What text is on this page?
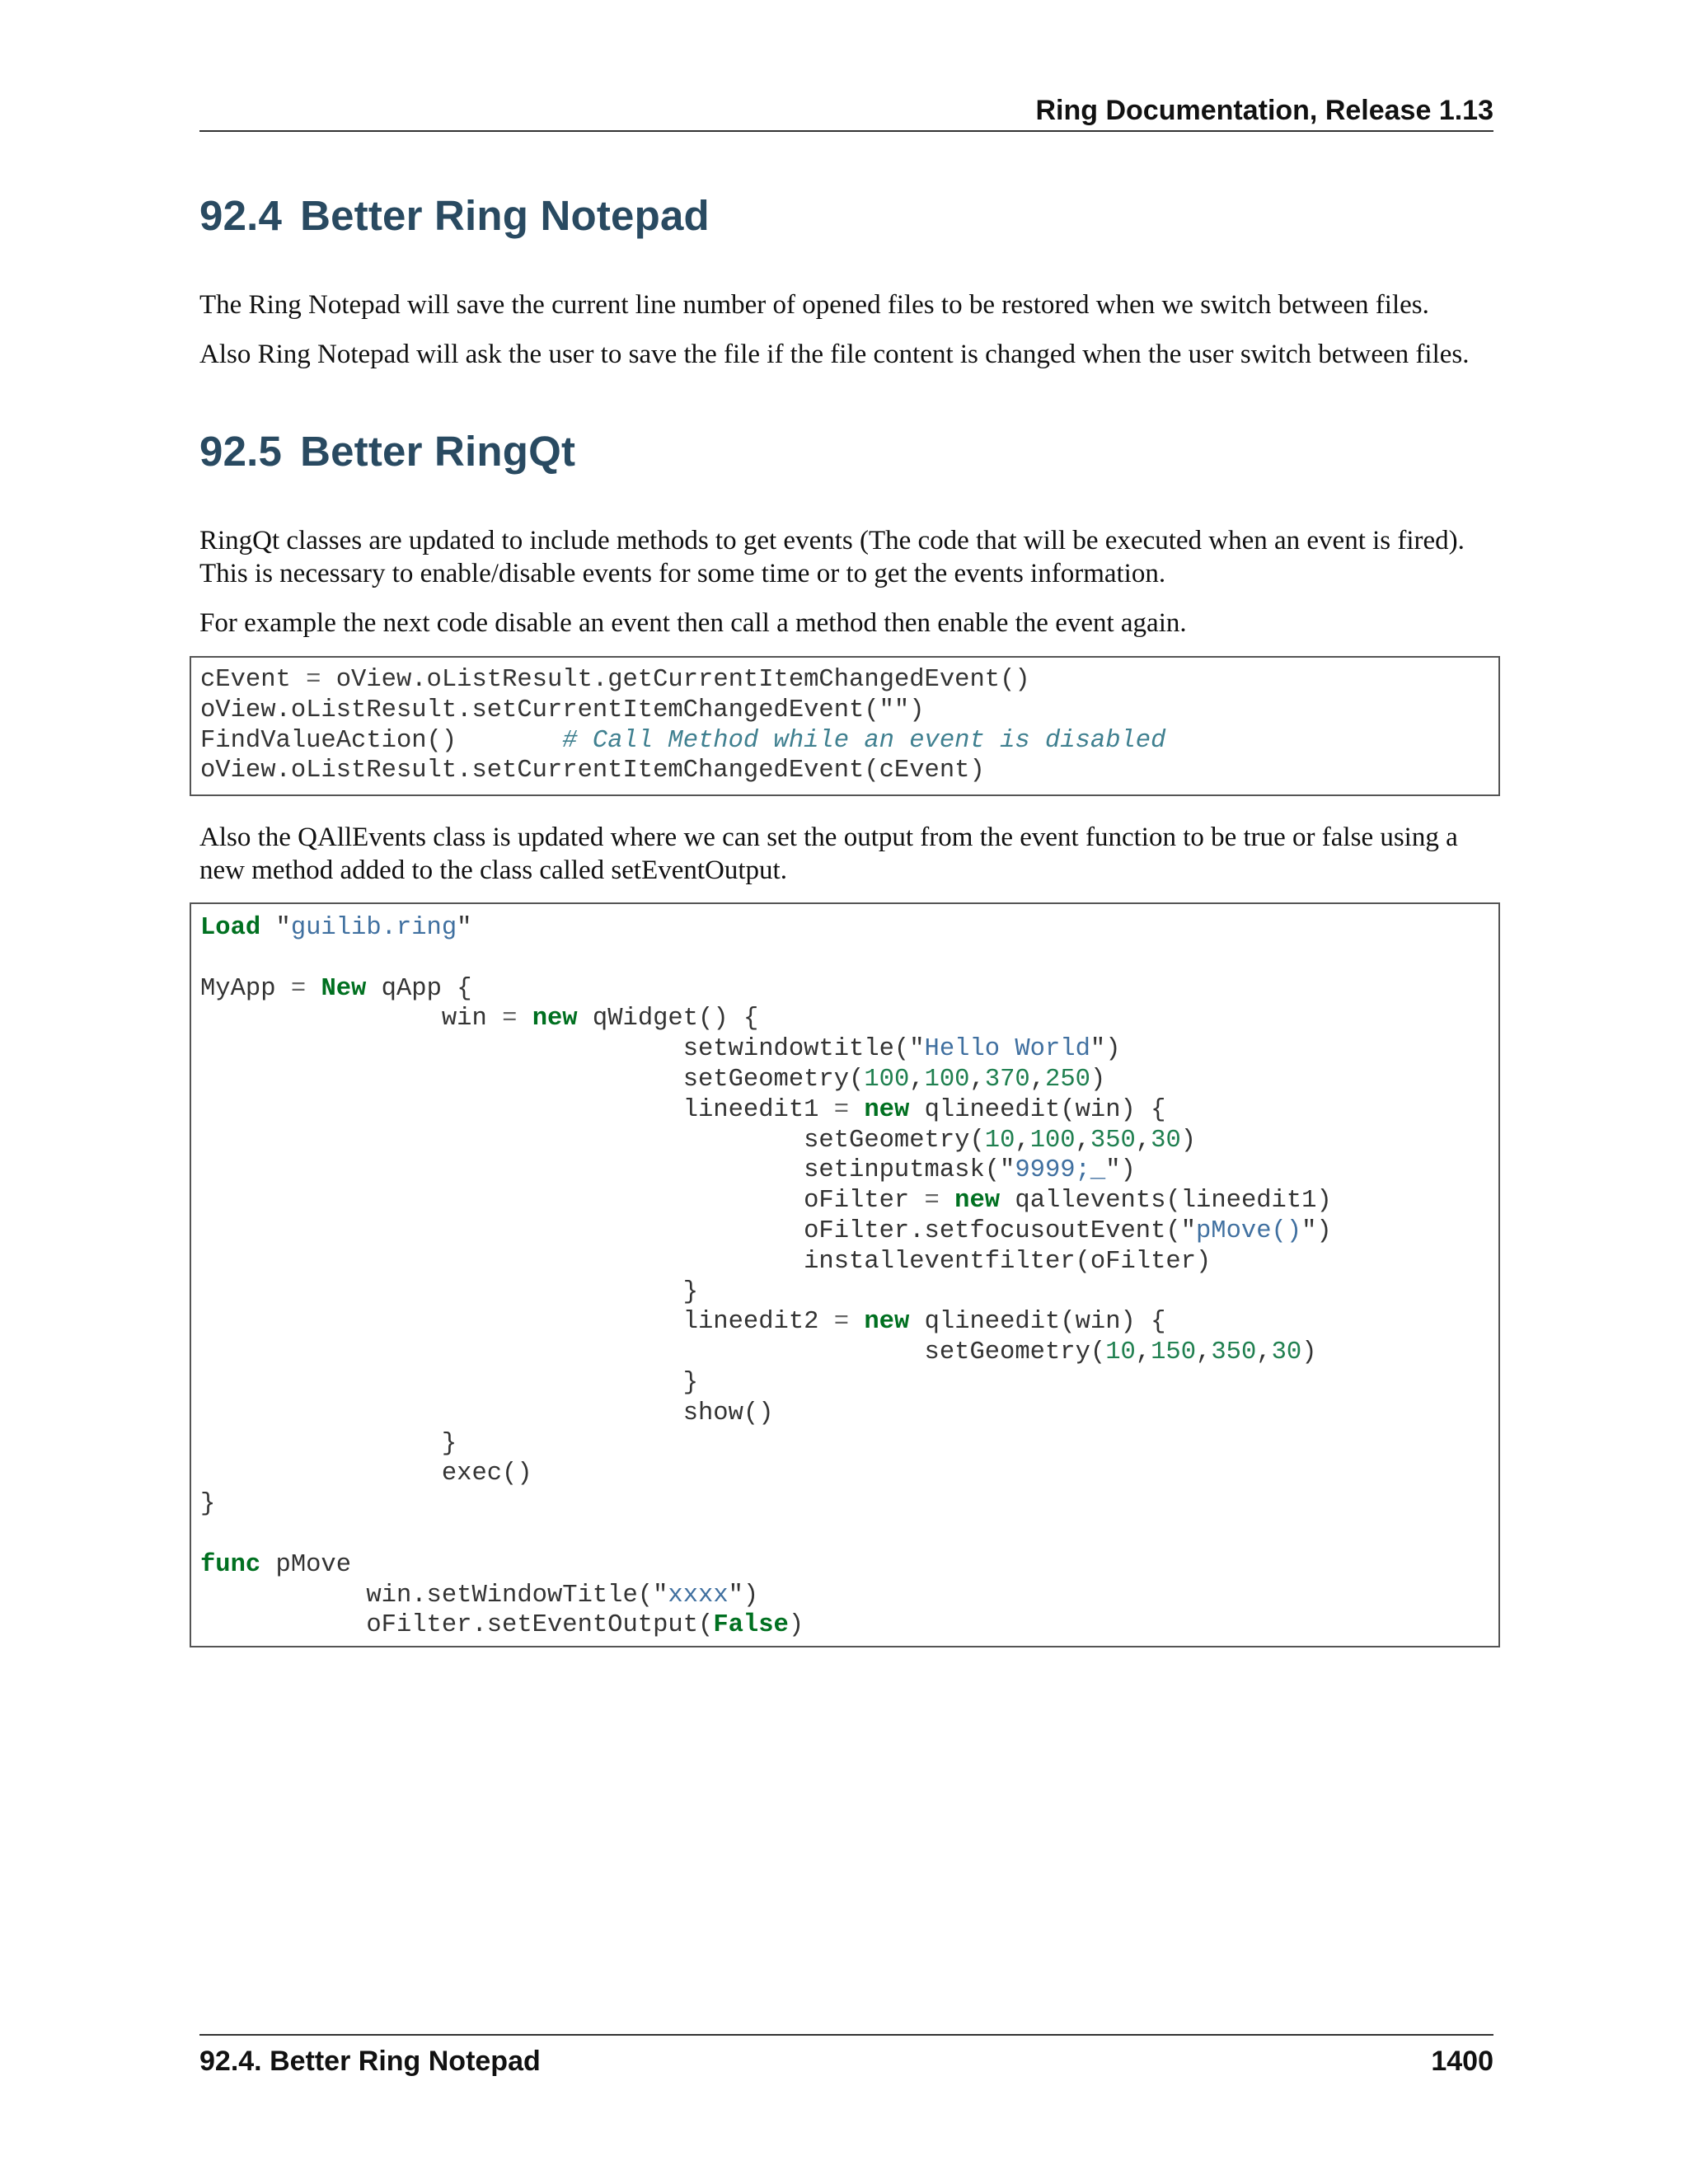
Ring Documentation, Release 1.13
92.4 Better Ring Notepad

The Ring Notepad will save the current line number of opened files to be restored when we switch between files.

Also Ring Notepad will ask the user to save the file if the file content is changed when the user switch between files.

92.5 Better RingQt

RingQt classes are updated to include methods to get events (The code that will be executed when an event is fired). This is necessary to enable/disable events for some time or to get the events information.

For example the next code disable an event then call a method then enable the event again.

cEvent = oView.oListResult.getCurrentItemChangedEvent()
oView.oListResult.setCurrentItemChangedEvent("")
FindValueAction()	# Call Method while an event is disabled
oView.oListResult.setCurrentItemChangedEvent(cEvent)

Also the QAllEvents class is updated where we can set the output from the event function to be true or false using a new method added to the class called setEventOutput.

Load "guilib.ring"

MyApp = New qApp {
win = new qWidget() {
setwindowtitle("Hello World")
setGeometry(100,100,370,250)
lineedit1 = new qlineedit(win) {
setGeometry(10,100,350,30)
setinputmask("9999;_")
oFilter = new qallevents(lineedit1)
oFilter.setfocusoutEvent("pMove()")
installeventfilter(oFilter)
}
lineedit2 = new qlineedit(win) {
setGeometry(10,150,350,30)
}
show()
}
exec()
}

func pMove
win.setWindowTitle("xxxx")
oFilter.setEventOutput(False)
92.4. Better Ring Notepad	1400
